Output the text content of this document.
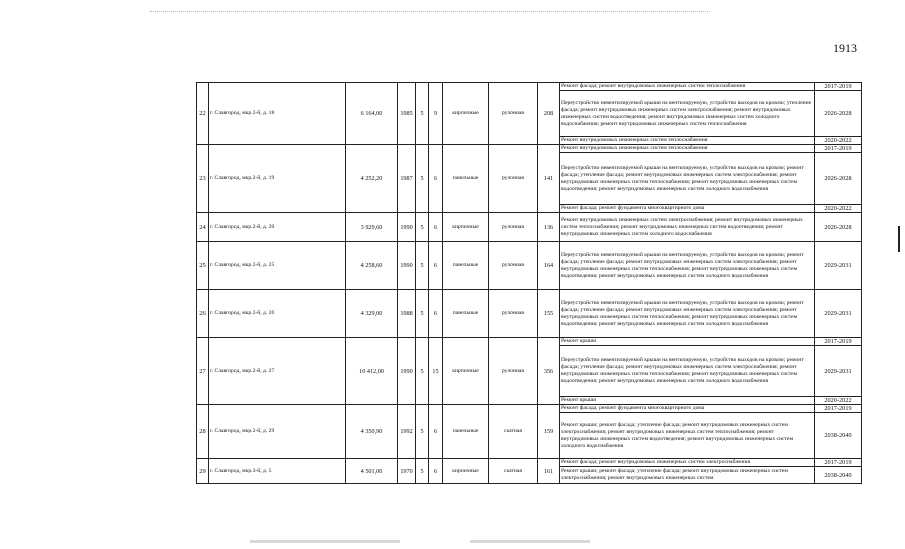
1913
22	г. Славгород, мкр.2-й, д. 18	6 164,00	1985	5	9	кирпичные	рулонная	208	Ремонт фасада; ремонт внутридомовых инженерных систем теплоснабжения	2017-2019
									Переустройство невентилируемой крыши на вентилируемую, устройство выходов на кровлю; утепление фасада; ремонт внутридомовых инженерных систем электроснабжения; ремонт внутридомовых инженерных систем водоотведения; ремонт внутридомовых инженерных систем холодного водоснабжения; ремонт внутридомовых инженерных систем теплоснабжения	2026-2028
									Ремонт внутридомовых инженерных систем теплоснабжения	2020-2022
23	г. Славгород, мкр.2-й, д. 19	4 252,20	1987	5	6	панельные	рулонная	141	Ремонт внутридомовых инженерных систем теплоснабжения	2017-2019
									Переустройство невентилируемой крыши на вентилируемую, устройство выходов на кровлю; ремонт фасада; утепление фасада; ремонт внутридомовых инженерных систем электроснабжения; ремонт внутридомовых инженерных систем теплоснабжения; ремонт внутридомовых инженерных систем водоотведения; ремонт внутридомовых инженерных систем холодного водоснабжения	2026-2028
									Ремонт фасада; ремонт фундамента многоквартирного дома	2020-2022
24	г. Славгород, мкр.2-й, д. 20	3 929,60	1990	5	6	кирпичные	рулонная	136	Ремонт внутридомовых инженерных систем электроснабжения; ремонт внутридомовых инженерных систем теплоснабжения; ремонт внутридомовых инженерных систем водоотведения; ремонт внутридомовых инженерных систем холодного водоснабжения	2026-2028
25	г. Славгород, мкр.2-й, д. 25	4 258,60	1990	5	6	панельные	рулонная	164	Переустройство невентилируемой крыши на вентилируемую, устройство выходов на кровлю; ремонт фасада; утепление фасада; ремонт внутридомовых инженерных систем электроснабжения; ремонт внутридомовых инженерных систем теплоснабжения; ремонт внутридомовых инженерных систем водоотведения; ремонт внутридомовых инженерных систем холодного водоснабжения	2029-2031
26	г. Славгород, мкр.2-й, д. 26	4 329,00	1988	5	6	панельные	рулонная	155	Переустройство невентилируемой крыши на вентилируемую, устройство выходов на кровлю; ремонт фасада; утепление фасада; ремонт внутридомовых инженерных систем электроснабжения; ремонт внутридомовых инженерных систем теплоснабжения; ремонт внутридомовых инженерных систем водоотведения; ремонт внутридомовых инженерных систем холодного водоснабжения	2029-2031
27	г. Славгород, мкр.2-й, д. 27	10 412,00	1990	5	15	кирпичные	рулонная	356	Ремонт крыши	2017-2019
									Переустройство невентилируемой крыши на вентилируемую, устройство выходов на кровлю; ремонт фасада; утепление фасада; ремонт внутридомовых инженерных систем электроснабжения; ремонт внутридомовых инженерных систем теплоснабжения; ремонт внутридомовых инженерных систем водоотведения; ремонт внутридомовых инженерных систем холодного водоснабжения	2029-2031
									Ремонт крыши	2020-2022
28	г. Славгород, мкр.2-й, д. 29	4 350,90	1992	5	6	панельные	скатная	159	Ремонт фасада; ремонт фундамента многоквартирного дома	2017-2019
									Ремонт крыши; ремонт фасада; утепление фасада; ремонт внутридомовых инженерных систем электроснабжения; ремонт внутридомовых инженерных систем теплоснабжения; ремонт внутридомовых инженерных систем водоотведения; ремонт внутридомовых инженерных систем холодного водоснабжения	2038-2040
29	г. Славгород, мкр.3-й, д. 5	4 501,00	1970	5	6	кирпичные	скатная	161	Ремонт фасада; ремонт внутридомовых инженерных систем электроснабжения	2017-2019
									Ремонт крыши; ремонт фасада; утепление фасада; ремонт внутридомовых инженерных систем электроснабжения; ремонт внутридомовых инженерных систем	2038-2040
